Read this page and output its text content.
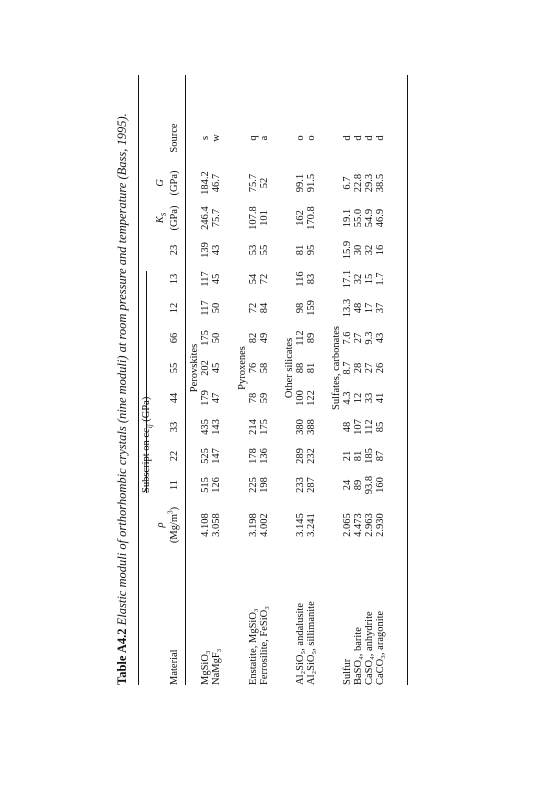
Table A4.2 Elastic moduli of orthorhombic crystals (nine moduli) at room pressure and temperature (Bass, 1995).
Material
ρ $(Mg/m^3)$
Subscript on $cc_{ij}$ (GPa)
11
22
33
44
55
66
12
13
23
$K_S$ (GPa)
G (GPa)
Source
Perovskites
MgSiO₃
4.108
515
525
435
179
202
175
117
117
139
246.4
184.2
s
NaMgF₃
3.058
126
147
143
47
45
50
50
45
43
75.7
46.7
w
Pyroxenes
Enstatite, MgSiO₃
3.198
225
178
214
78
76
82
72
54
53
107.8
75.7
q
Ferrosilite, FeSiO₃
4.002
198
136
175
59
58
49
84
72
55
101
52
a
Other silicates
Al₂SiO₅, andalusite
3.145
233
289
380
100
88
112
98
116
81
162
99.1
o
Al₂SiO₅, sillimanite
3.241
287
232
388
122
81
89
159
83
95
170.8
91.5
o
Sulfates, carbonates
Sulfur
2.065
24
21
48
4.3
8.7
7.6
13.3
17.1
15.9
19.1
6.7
d
BaSO₄, barite
4.473
89
81
107
12
28
27
48
32
30
55.0
22.8
d
CaSO₄, anhydrite
2.963
93.8
185
112
33
27
9.3
17
15
32
54.9
29.3
d
CaCO₃, aragonite
2.930
160
87
85
41
26
43
37
1.7
16
46.9
38.5
d
